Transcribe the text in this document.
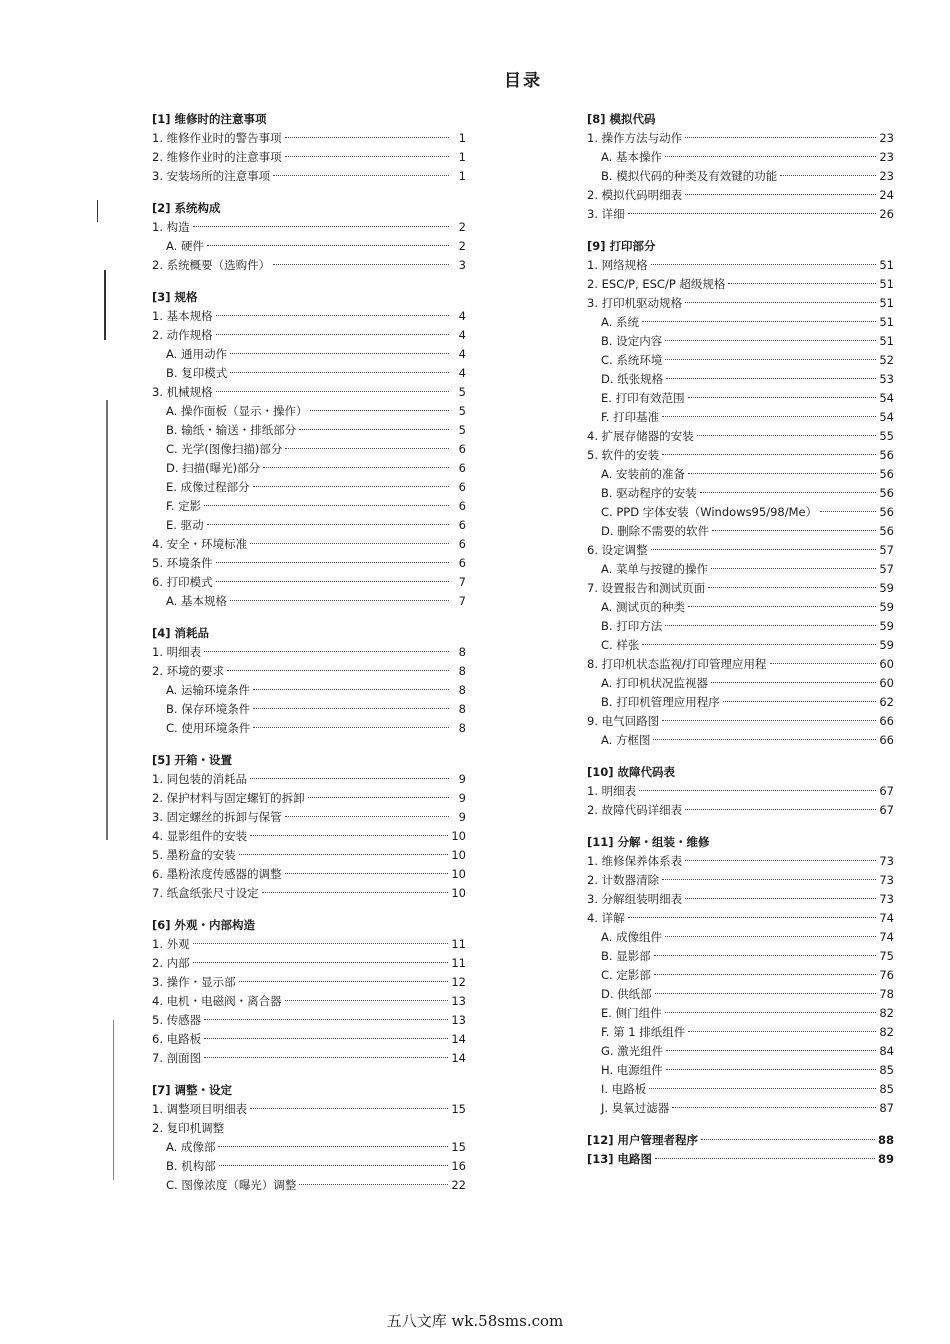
目录
[1] 维修时的注意事项
1. 维修作业时的警告事项	1
2. 维修作业时的注意事项	1
3. 安装场所的注意事项	1
[2] 系统构成
1. 构造	2
A. 硬件	2
2. 系统概要（选购件）	3
[3] 规格
1. 基本规格	4
2. 动作规格	4
A. 通用动作	4
B. 复印模式	4
3. 机械规格	5
A. 操作面板（显示・操作）	5
B. 输纸・输送・排纸部分	5
C. 光学(图像扫描)部分	6
D. 扫描(曝光)部分	6
E. 成像过程部分	6
F. 定影	6
E. 驱动	6
4. 安全・环境标准	6
5. 环境条件	6
6. 打印模式	7
A. 基本规格	7
[4] 消耗品
1. 明细表	8
2. 环境的要求	8
A. 运输环境条件	8
B. 保存环境条件	8
C. 使用环境条件	8
[5] 开箱・设置
1. 同包装的消耗品	9
2. 保护材料与固定螺钉的拆卸	9
3. 固定螺丝的拆卸与保管	9
4. 显影组件的安装	10
5. 墨粉盒的安装	10
6. 墨粉浓度传感器的调整	10
7. 纸盒纸张尺寸设定	10
[6] 外观・内部构造
1. 外观	11
2. 内部	11
3. 操作・显示部	12
4. 电机・电磁阀・离合器	13
5. 传感器	13
6. 电路板	14
7. 剖面图	14
[7] 调整・设定
1. 调整项目明细表	15
2. 复印机调整
A. 成像部	15
B. 机构部	16
C. 图像浓度（曝光）调整	22
[8] 模拟代码
1. 操作方法与动作	23
A. 基本操作	23
B. 模拟代码的种类及有效键的功能	23
2. 模拟代码明细表	24
3. 详细	26
[9] 打印部分
1. 网络规格	51
2. ESC/P, ESC/P 超级规格	51
3. 打印机驱动规格	51
A. 系统	51
B. 设定内容	51
C. 系统环境	52
D. 纸张规格	53
E. 打印有效范围	54
F. 打印基准	54
4. 扩展存储器的安装	55
5. 软件的安装	56
A. 安装前的准备	56
B. 驱动程序的安装	56
C. PPD 字体安装（Windows95/98/Me）	56
D. 删除不需要的软件	56
6. 设定调整	57
A. 菜单与按键的操作	57
7. 设置报告和测试页面	59
A. 测试页的种类	59
B. 打印方法	59
C. 样张	59
8. 打印机状态监视/打印管理应用程	60
A. 打印机状况监视器	60
B. 打印机管理应用程序	62
9. 电气回路图	66
A. 方框图	66
[10] 故障代码表
1. 明细表	67
2. 故障代码详细表	67
[11] 分解・组装・维修
1. 维修保养体系表	73
2. 计数器清除	73
3. 分解组装明细表	73
4. 详解	74
A. 成像组件	74
B. 显影部	75
C. 定影部	76
D. 供纸部	78
E. 侧门组件	82
F. 第 1 排纸组件	82
G. 激光组件	84
H. 电源组件	85
I. 电路板	85
J. 臭氧过滤器	87
[12] 用户管理者程序	88
[13] 电路图	89
五八文库 wk.58sms.com
